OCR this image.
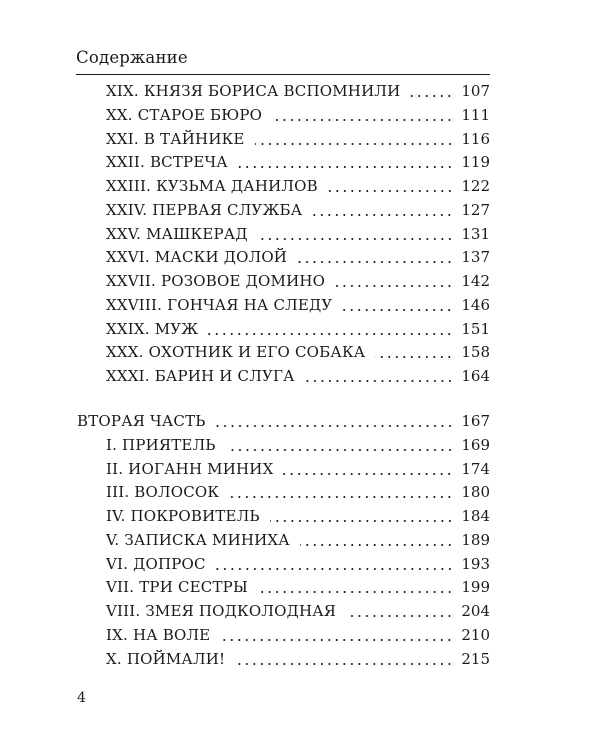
Содержание
XIX. КНЯЗЯ БОРИСА ВСПОМНИЛИ	107
XX. СТАРОЕ БЮРО	111
XXI. В ТАЙНИКЕ	116
XXII. ВСТРЕЧА	119
XXIII. КУЗЬМА ДАНИЛОВ	122
XXIV. ПЕРВАЯ СЛУЖБА	127
XXV. МАШКЕРАД	131
XXVI. МАСКИ ДОЛОЙ	137
XXVII. РОЗОВОЕ ДОМИНО	142
XXVIII. ГОНЧАЯ НА СЛЕДУ	146
XXIX. МУЖ	151
XXX. ОХОТНИК И ЕГО СОБАКА	158
XXXI. БАРИН И СЛУГА	164
ВТОРАЯ ЧАСТЬ	167
I. ПРИЯТЕЛЬ	169
II. ИОГАНН МИНИХ	174
III. ВОЛОСОК	180
IV. ПОКРОВИТЕЛЬ	184
V. ЗАПИСКА МИНИХА	189
VI. ДОПРОС	193
VII. ТРИ СЕСТРЫ	199
VIII. ЗМЕЯ ПОДКОЛОДНАЯ	204
IX. НА ВОЛЕ	210
X. ПОЙМАЛИ!	215
4
